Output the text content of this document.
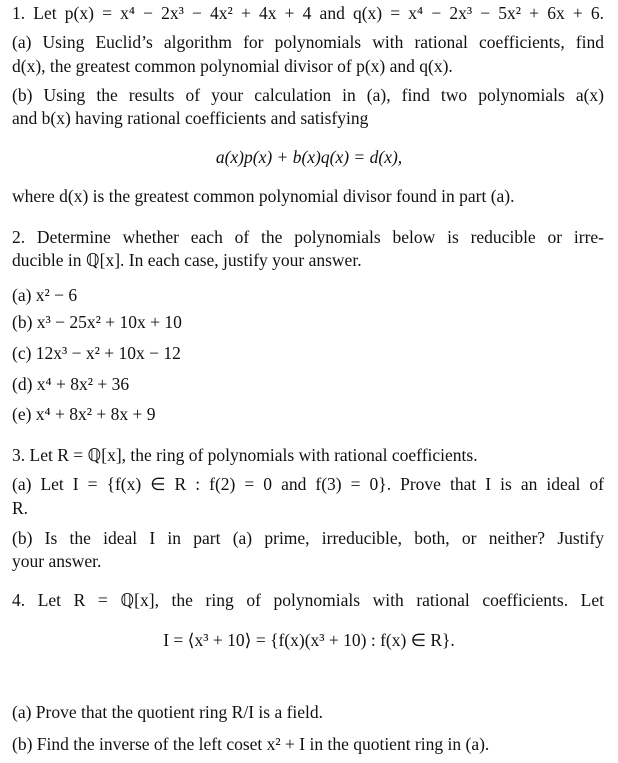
1. Let p(x) = x⁴ − 2x³ − 4x² + 4x + 4 and q(x) = x⁴ − 2x³ − 5x² + 6x + 6.
(a) Using Euclid’s algorithm for polynomials with rational coefficients, find
d(x), the greatest common polynomial divisor of p(x) and q(x).
(b) Using the results of your calculation in (a), find two polynomials a(x)
and b(x) having rational coefficients and satisfying
a(x)p(x) + b(x)q(x) = d(x),
where d(x) is the greatest common polynomial divisor found in part (a).
2. Determine whether each of the polynomials below is reducible or irre-
ducible in ℚ[x]. In each case, justify your answer.
(a) x² − 6
(b) x³ − 25x² + 10x + 10
(c) 12x³ − x² + 10x − 12
(d) x⁴ + 8x² + 36
(e) x⁴ + 8x² + 8x + 9
3. Let R = ℚ[x], the ring of polynomials with rational coefficients.
(a) Let I = {f(x) ∈ R : f(2) = 0 and f(3) = 0}. Prove that I is an ideal of
R.
(b) Is the ideal I in part (a) prime, irreducible, both, or neither? Justify
your answer.
4. Let R = ℚ[x], the ring of polynomials with rational coefficients. Let
I = ⟨x³ + 10⟩ = {f(x)(x³ + 10) : f(x) ∈ R}.
(a) Prove that the quotient ring R/I is a field.
(b) Find the inverse of the left coset x² + I in the quotient ring in (a).
